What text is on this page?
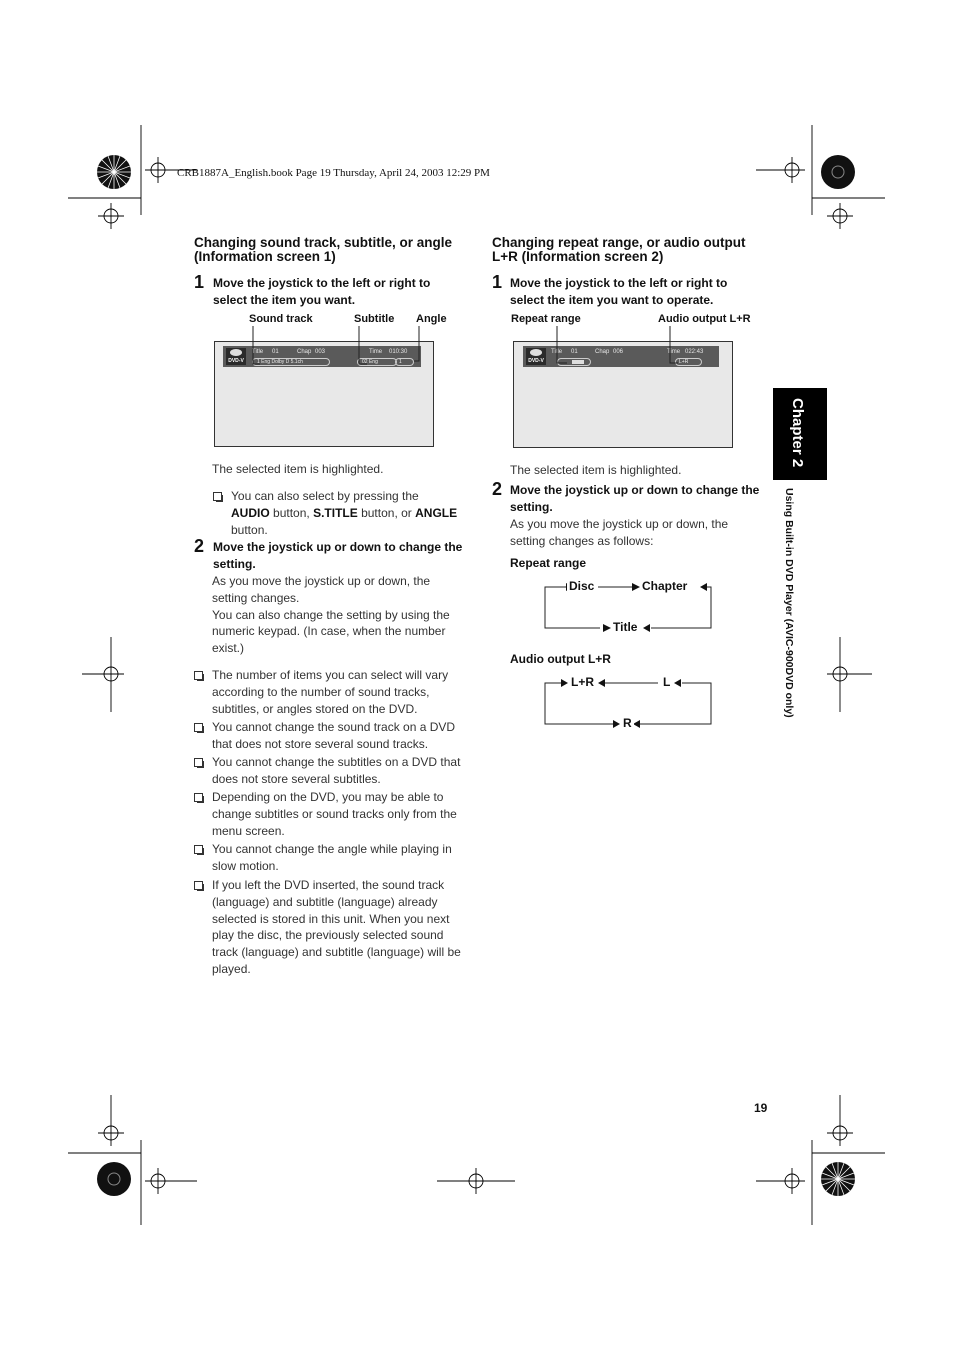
CRB1887A_English.book Page 19 Thursday, April 24, 2003 12:29 PM
Changing sound track, subtitle, or angle (Information screen 1)
1 Move the joystick to the left or right to select the item you want.
Sound track	Subtitle Angle
DVD-V
Title 01	Chap 003	Time 010:30
1 Eng Dolby D 5.1ch	02 Eng	1
The selected item is highlighted.
You can also select by pressing the AUDIO button, S.TITLE button, or ANGLE button.
2 Move the joystick up or down to change the setting.
As you move the joystick up or down, the setting changes.
You can also change the setting by using the numeric keypad. (In case, when the number exist.)
The number of items you can select will vary according to the number of sound tracks, subtitles, or angles stored on the DVD.
You cannot change the sound track on a DVD that does not store several sound tracks.
You cannot change the subtitles on a DVD that does not store several subtitles.
Depending on the DVD, you may be able to change subtitles or sound tracks only from the menu screen.
You cannot change the angle while playing in slow motion.
If you left the DVD inserted, the sound track (language) and subtitle (language) already selected is stored in this unit. When you next play the disc, the previously selected sound track (language) and subtitle (language) will be played.
Changing repeat range, or audio output L+R (Information screen 2)
1 Move the joystick to the left or right to select the item you want to operate.
Repeat range	Audio output L+R
DVD-V
Title 01	Chap 006	Time 022:43
L+R
The selected item is highlighted.
2 Move the joystick up or down to change the setting.
As you move the joystick up or down, the setting changes as follows:
Repeat range
Disc	Chapter
Title
Audio output L+R
L+R	L
R
Chapter 2
Using Built-in DVD Player (AVIC-900DVD only)
19
